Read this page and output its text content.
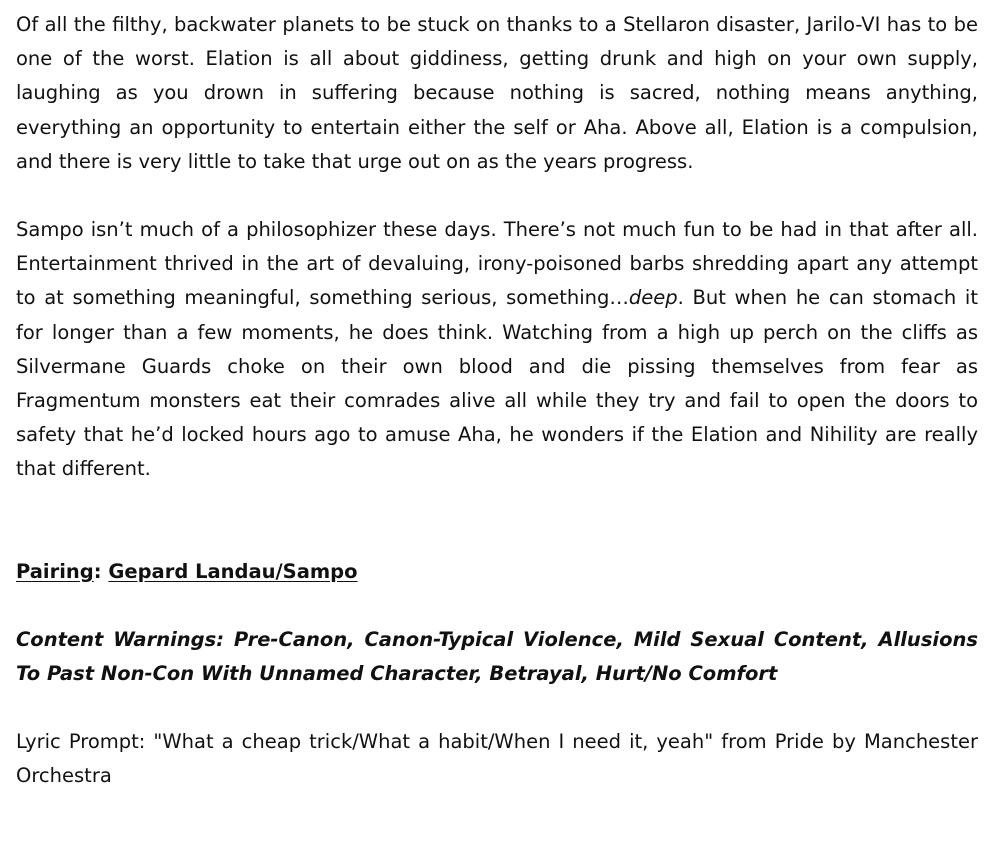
Of all the filthy, backwater planets to be stuck on thanks to a Stellaron disaster, Jarilo-VI has to be one of the worst. Elation is all about giddiness, getting drunk and high on your own supply, laughing as you drown in suffering because nothing is sacred, nothing means anything, everything an opportunity to entertain either the self or Aha. Above all, Elation is a compulsion, and there is very little to take that urge out on as the years progress.

Sampo isn’t much of a philosophizer these days. There’s not much fun to be had in that after all. Entertainment thrived in the art of devaluing, irony-poisoned barbs shredding apart any attempt to at something meaningful, something serious, something…deep. But when he can stomach it for longer than a few moments, he does think. Watching from a high up perch on the cliffs as Silvermane Guards choke on their own blood and die pissing themselves from fear as Fragmentum monsters eat their comrades alive all while they try and fail to open the doors to safety that he’d locked hours ago to amuse Aha, he wonders if the Elation and Nihility are really that different.

Pairing: Gepard Landau/Sampo

Content Warnings: Pre-Canon, Canon-Typical Violence, Mild Sexual Content, Allusions To Past Non-Con With Unnamed Character, Betrayal, Hurt/No Comfort

Lyric Prompt: "What a cheap trick/What a habit/When I need it, yeah" from Pride by Manchester Orchestra
